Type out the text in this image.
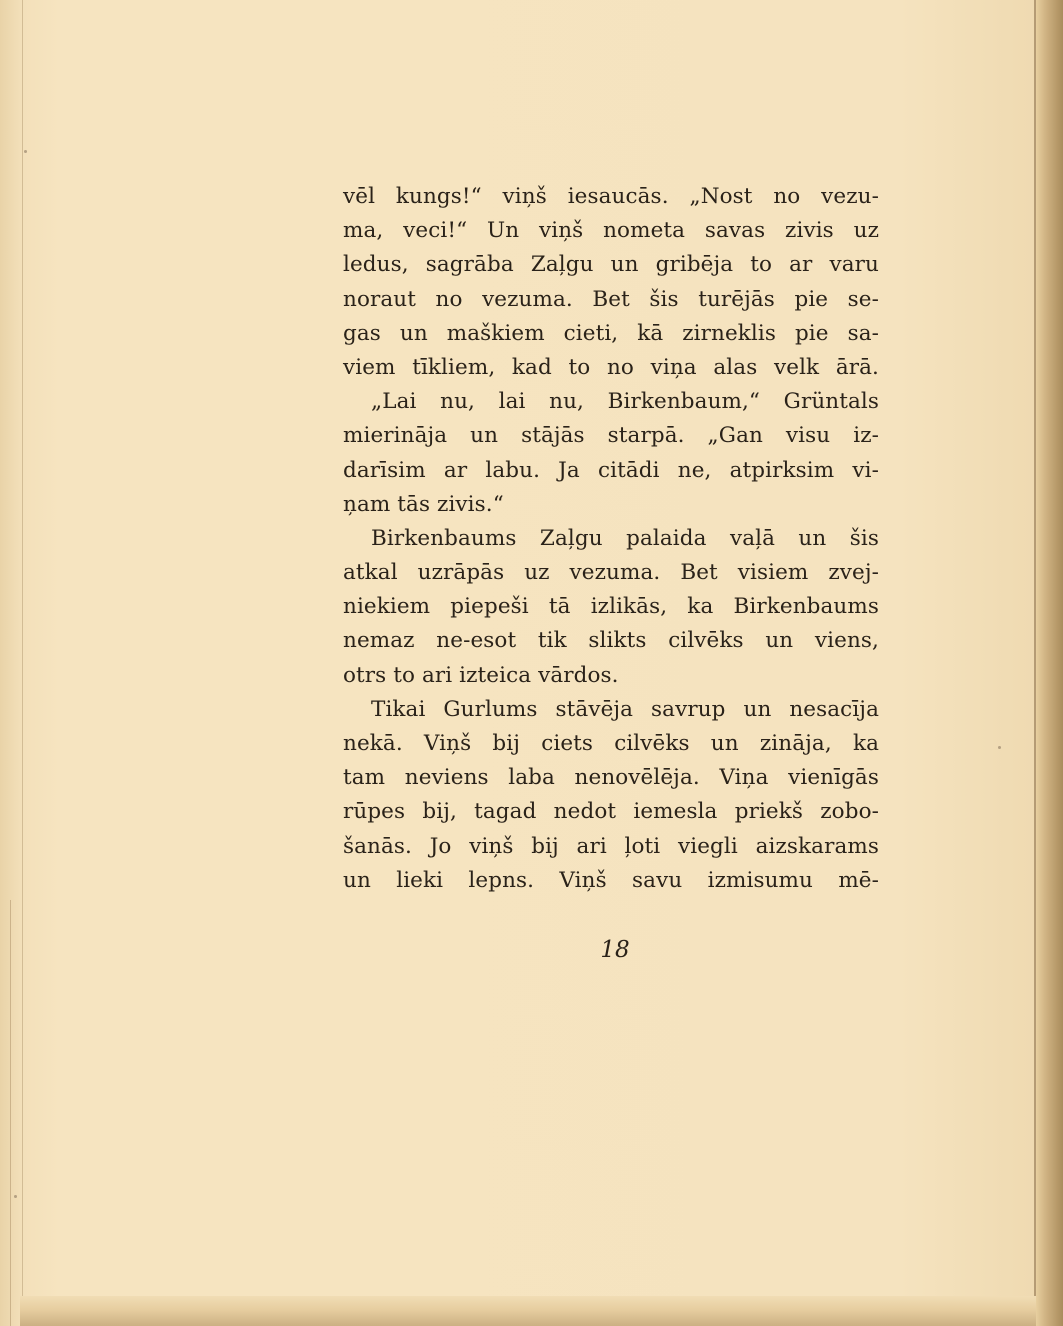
vēl kungs!“ viņš iesaucās. „Nost no vezu-
ma, veci!“ Un viņš nometa savas zivis uz
ledus, sagrāba Zaļgu un gribēja to ar varu
noraut no vezuma. Bet šis turējās pie se-
gas un maškiem cieti, kā zirneklis pie sa-
viem tīkliem, kad to no viņa alas velk ārā.
„Lai nu, lai nu, Birkenbaum,“ Grüntals
mierināja un stājās starpā. „Gan visu iz-
darīsim ar labu. Ja citādi ne, atpirksim vi-
ņam tās zivis.“
Birkenbaums Zaļgu palaida vaļā un šis
atkal uzrāpās uz vezuma. Bet visiem zvej-
niekiem piepeši tā izlikās, ka Birkenbaums
nemaz ne-esot tik slikts cilvēks un viens,
otrs to ari izteica vārdos.
Tikai Gurlums stāvēja savrup un nesacīja
nekā. Viņš bij ciets cilvēks un zināja, ka
tam neviens laba nenovēlēja. Viņa vienīgās
rūpes bij, tagad nedot iemesla priekš zobo-
šanās. Jo viņš bij ari ļoti viegli aizskarams
un lieki lepns. Viņš savu izmisumu mē-
18
